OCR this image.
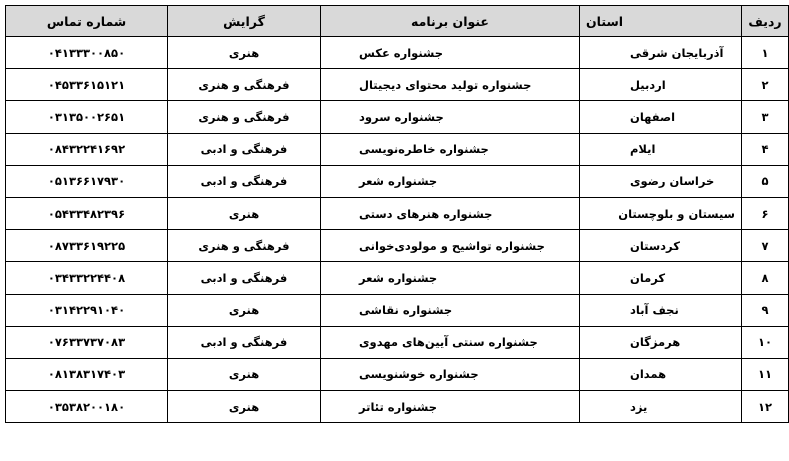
ردیف	استان	عنوان برنامه	گرایش	شماره تماس
۱	آذربایجان شرقی	جشنواره عکس	هنری	۰۴۱۳۳۳۰۰۸۵۰
۲	اردبیل	جشنواره تولید محتوای دیجیتال	فرهنگی و هنری	۰۴۵۳۳۶۱۵۱۲۱
۳	اصفهان	جشنواره سرود	فرهنگی و هنری	۰۳۱۳۵۰۰۲۶۵۱
۴	ایلام	جشنواره خاطره‌نویسی	فرهنگی و ادبی	۰۸۴۳۲۲۴۱۶۹۲
۵	خراسان رضوی	جشنواره شعر	فرهنگی و ادبی	۰۵۱۳۶۶۱۷۹۳۰
۶	سیستان و بلوچستان	جشنواره هنرهای دستی	هنری	۰۵۴۳۳۴۸۲۳۹۶
۷	کردستان	جشنواره تواشیح و مولودی‌خوانی	فرهنگی و هنری	۰۸۷۳۳۶۱۹۲۲۵
۸	کرمان	جشنواره شعر	فرهنگی و ادبی	۰۳۴۳۳۲۲۴۴۰۸
۹	نجف آباد	جشنواره نقاشی	هنری	۰۳۱۴۲۲۹۱۰۴۰
۱۰	هرمزگان	جشنواره سنتی آیین‌های مهدوی	فرهنگی و ادبی	۰۷۶۳۳۷۳۷۰۸۳
۱۱	همدان	جشنواره خوشنویسی	هنری	۰۸۱۳۸۳۱۷۴۰۳
۱۲	یزد	جشنواره تئاتر	هنری	۰۳۵۳۸۲۰۰۱۸۰
